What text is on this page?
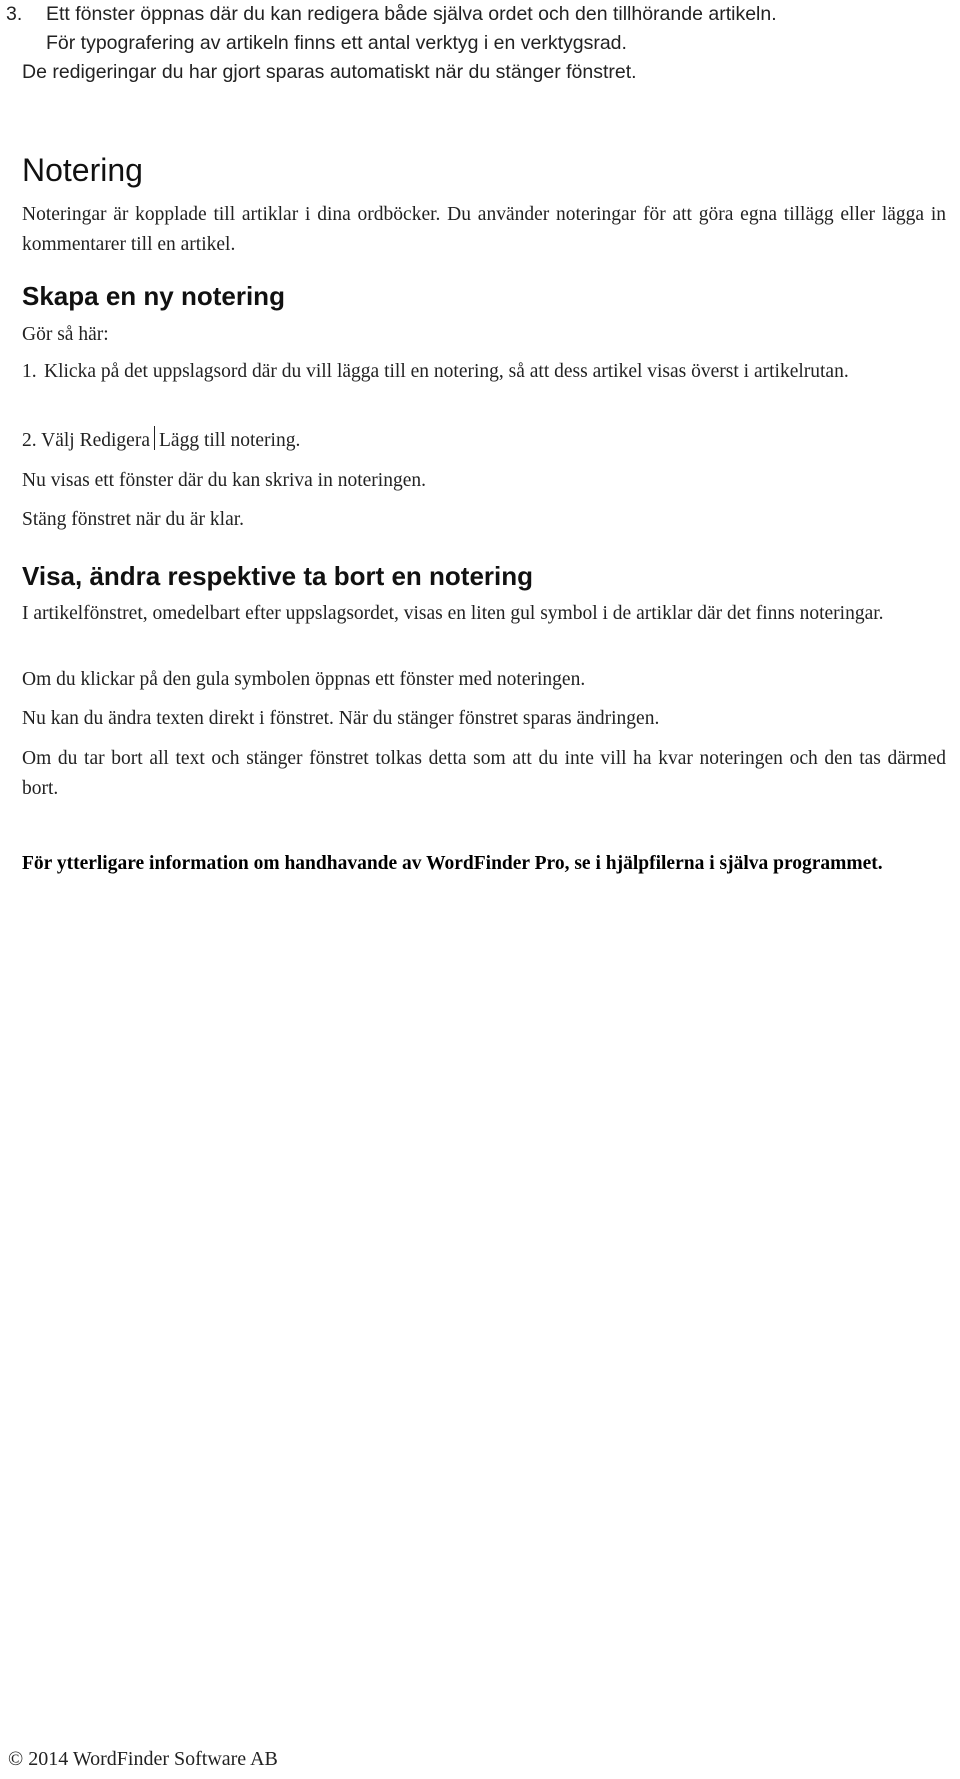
3. Ett fönster öppnas där du kan redigera både själva ordet och den tillhörande artikeln.
För typografering av artikeln finns ett antal verktyg i en verktygsrad.
De redigeringar du har gjort sparas automatiskt när du stänger fönstret.
Notering
Noteringar är kopplade till artiklar i dina ordböcker. Du använder noteringar för att göra egna tillägg eller lägga in kommentarer till en artikel.
Skapa en ny notering
Gör så här:
1. Klicka på det uppslagsord där du vill lägga till en notering, så att dess artikel visas överst i artikelrutan.
2. Välj Redigera Lägg till notering.
Nu visas ett fönster där du kan skriva in noteringen.
Stäng fönstret när du är klar.
Visa, ändra respektive ta bort en notering
I artikelfönstret, omedelbart efter uppslagsordet, visas en liten gul symbol i de artiklar där det finns noteringar.
Om du klickar på den gula symbolen öppnas ett fönster med noteringen.
Nu kan du ändra texten direkt i fönstret. När du stänger fönstret sparas ändringen.
Om du tar bort all text och stänger fönstret tolkas detta som att du inte vill ha kvar noteringen och den tas därmed bort.
För ytterligare information om handhavande av WordFinder Pro, se i hjälpfilerna i själva programmet.
© 2014 WordFinder Software AB
